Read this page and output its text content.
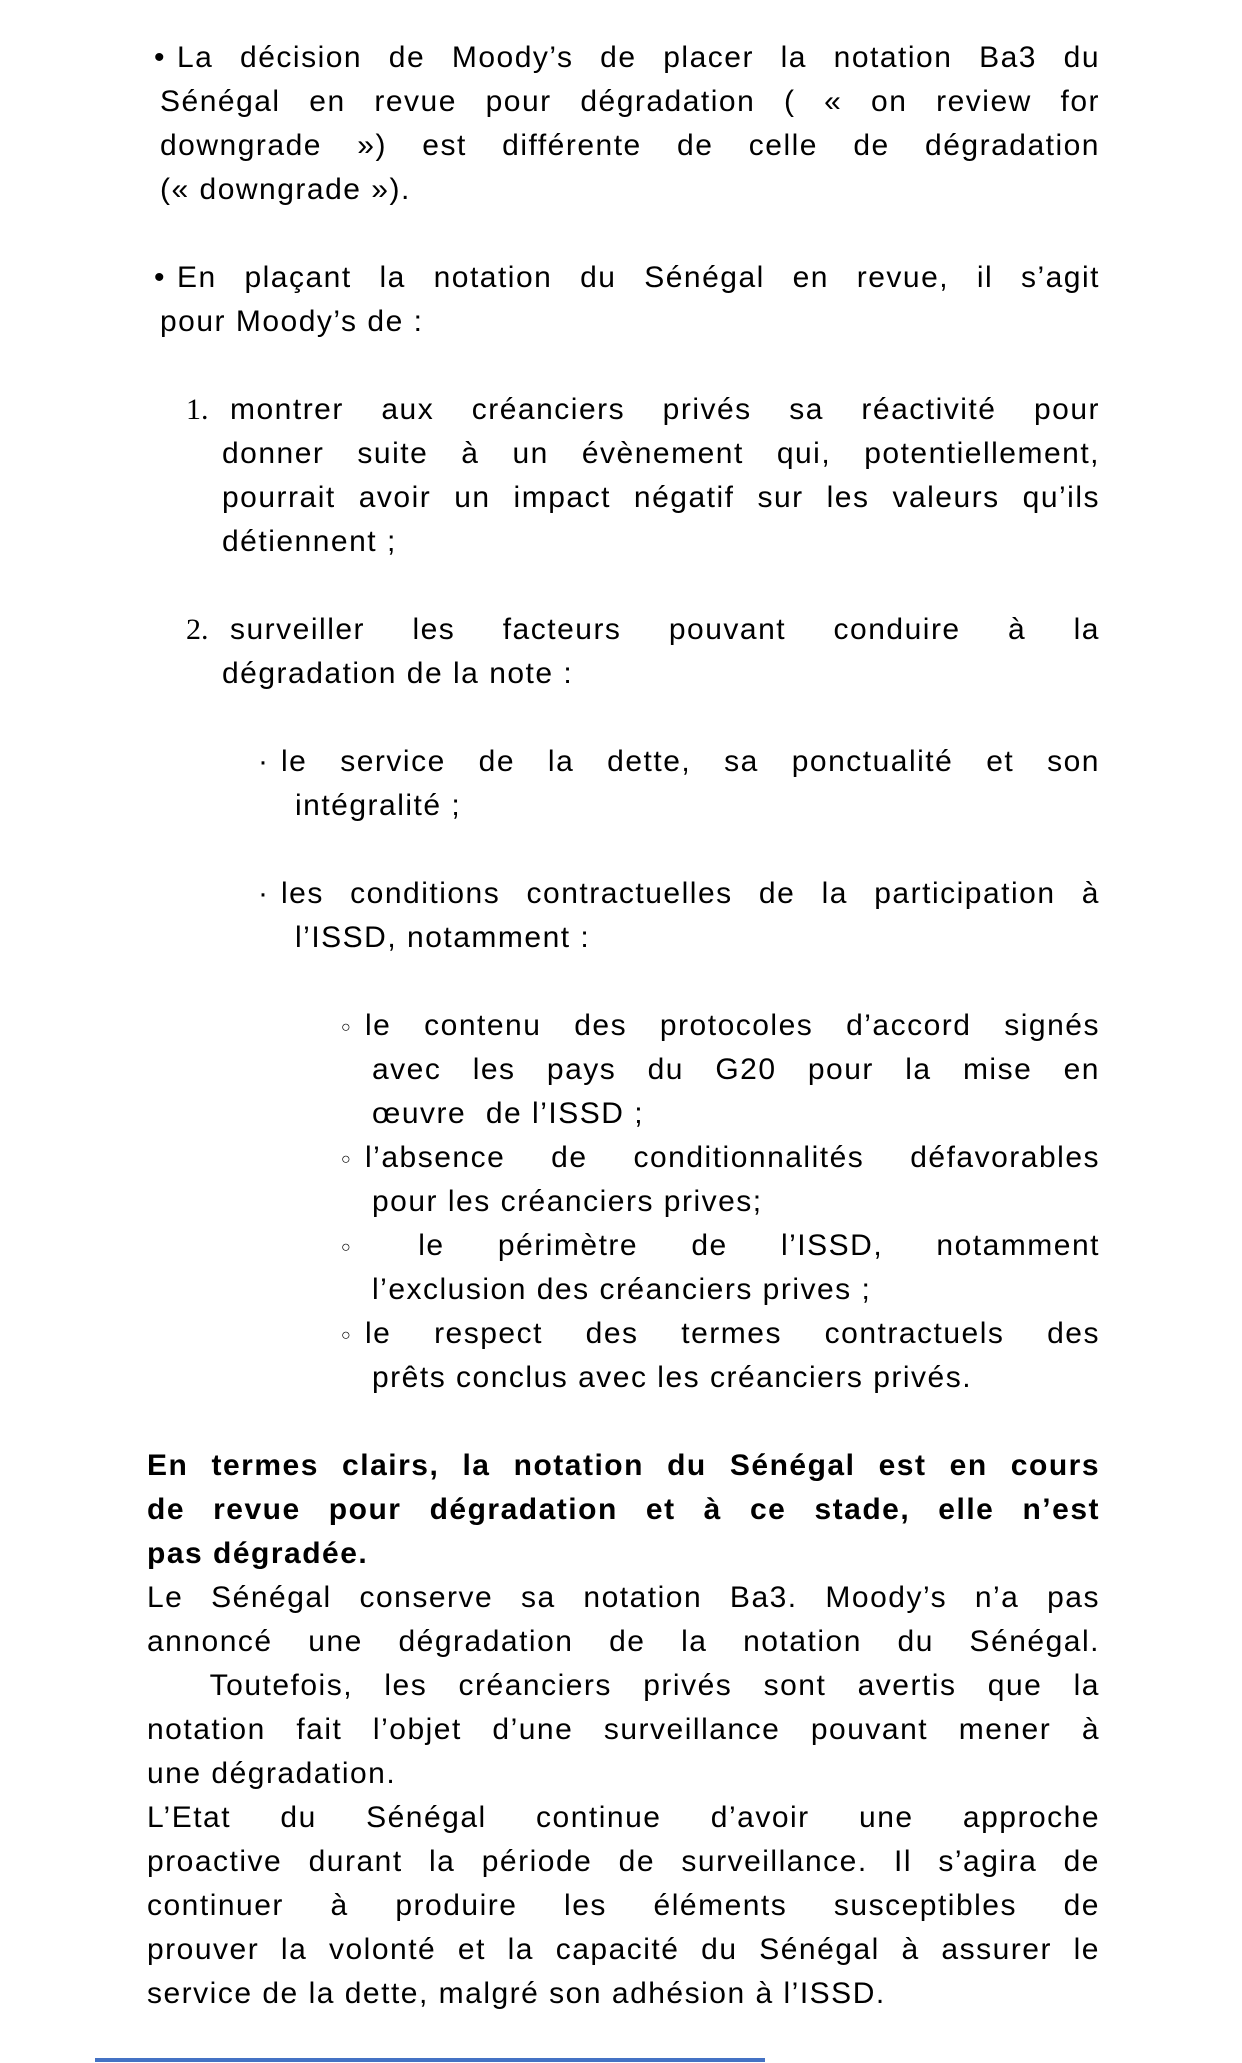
• La décision de Moody’s de placer la notation Ba3 du
Sénégal en revue pour dégradation ( « on review for
downgrade ») est différente de celle de dégradation
(« downgrade »).
• En plaçant la notation du Sénégal en revue, il s’agit
pour Moody’s de :
1. montrer aux créanciers privés sa réactivité pour
donner suite à un évènement qui, potentiellement,
pourrait avoir un impact négatif sur les valeurs qu’ils
détiennent ;
2. surveiller les facteurs pouvant conduire à la
dégradation de la note :
· le service de la dette, sa ponctualité et son
intégralité ;
· les conditions contractuelles de la participation à
l’ISSD, notamment :
○ le contenu des protocoles d’accord signés
avec les pays du G20 pour la mise en
œuvre  de l’ISSD ;
○ l’absence de conditionnalités défavorables
pour les créanciers prives;
○ le périmètre de l’ISSD, notamment
l’exclusion des créanciers prives ;
○ le respect des termes contractuels des
prêts conclus avec les créanciers privés.
En termes clairs, la notation du Sénégal est en cours
de revue pour dégradation et à ce stade, elle n’est
pas dégradée.
Le Sénégal conserve sa notation Ba3. Moody’s n’a pas
annoncé une dégradation de la notation du Sénégal.
Toutefois, les créanciers privés sont avertis que la
notation fait l’objet d’une surveillance pouvant mener à
une dégradation.
L’Etat du Sénégal continue d’avoir une approche
proactive durant la période de surveillance. Il s’agira de
continuer à produire les éléments susceptibles de
prouver la volonté et la capacité du Sénégal à assurer le
service de la dette, malgré son adhésion à l’ISSD.
